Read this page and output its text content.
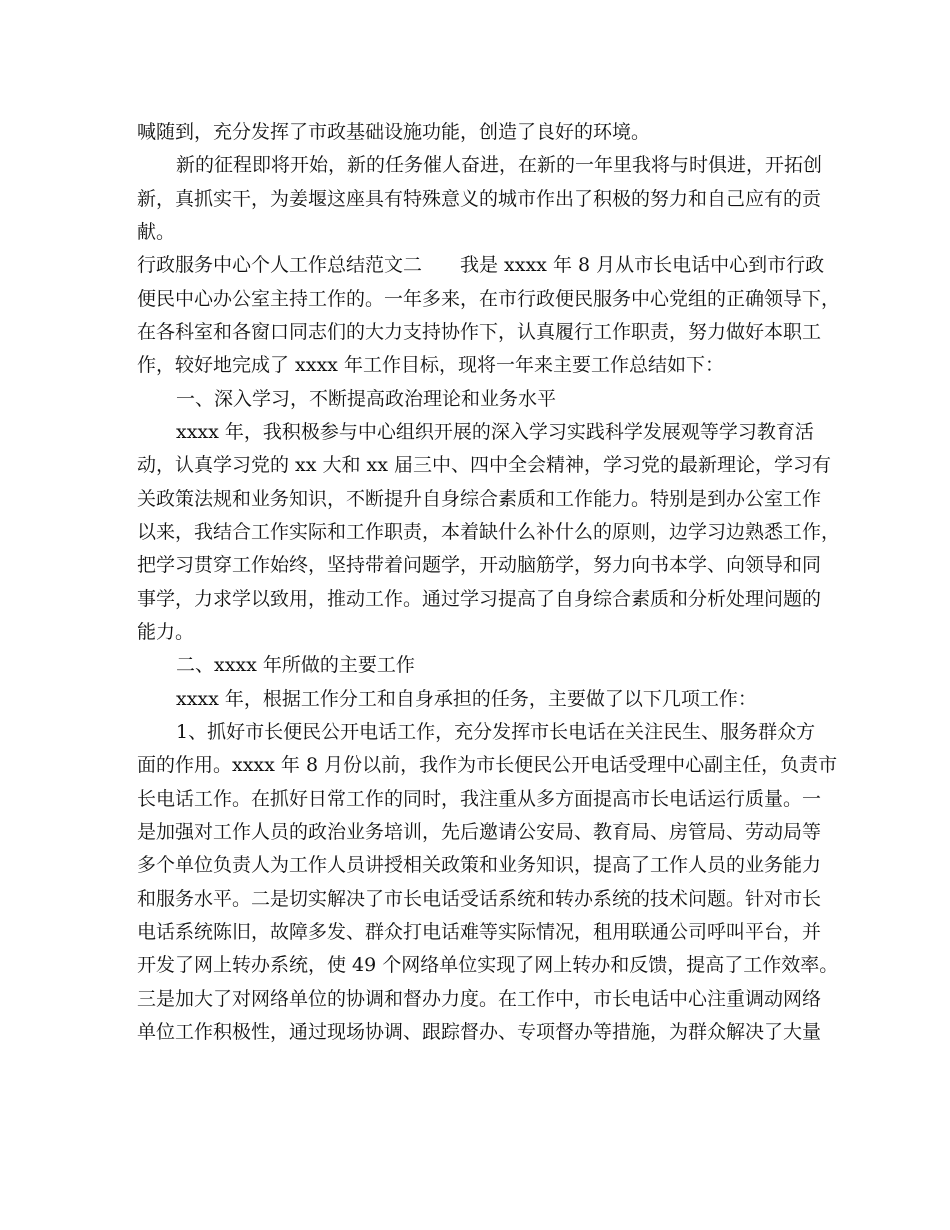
喊随到，充分发挥了市政基础设施功能，创造了良好的环境。
新的征程即将开始，新的任务催人奋进，在新的一年里我将与时俱进，开拓创
新，真抓实干，为姜堰这座具有特殊意义的城市作出了积极的努力和自己应有的贡
献。
行政服务中心个人工作总结范文二　　我是 xxxx 年 8 月从市长电话中心到市行政
便民中心办公室主持工作的。一年多来，在市行政便民服务中心党组的正确领导下，
在各科室和各窗口同志们的大力支持协作下，认真履行工作职责，努力做好本职工
作，较好地完成了 xxxx 年工作目标，现将一年来主要工作总结如下：
一、深入学习，不断提高政治理论和业务水平
xxxx 年，我积极参与中心组织开展的深入学习实践科学发展观等学习教育活
动，认真学习党的 xx 大和 xx 届三中、四中全会精神，学习党的最新理论，学习有
关政策法规和业务知识，不断提升自身综合素质和工作能力。特别是到办公室工作
以来，我结合工作实际和工作职责，本着缺什么补什么的原则，边学习边熟悉工作，
把学习贯穿工作始终，坚持带着问题学，开动脑筋学，努力向书本学、向领导和同
事学，力求学以致用，推动工作。通过学习提高了自身综合素质和分析处理问题的
能力。
二、xxxx 年所做的主要工作
xxxx 年，根据工作分工和自身承担的任务，主要做了以下几项工作：
1、抓好市长便民公开电话工作，充分发挥市长电话在关注民生、服务群众方
面的作用。xxxx 年 8 月份以前，我作为市长便民公开电话受理中心副主任，负责市
长电话工作。在抓好日常工作的同时，我注重从多方面提高市长电话运行质量。一
是加强对工作人员的政治业务培训，先后邀请公安局、教育局、房管局、劳动局等
多个单位负责人为工作人员讲授相关政策和业务知识，提高了工作人员的业务能力
和服务水平。二是切实解决了市长电话受话系统和转办系统的技术问题。针对市长
电话系统陈旧，故障多发、群众打电话难等实际情况，租用联通公司呼叫平台，并
开发了网上转办系统，使 49 个网络单位实现了网上转办和反馈，提高了工作效率。
三是加大了对网络单位的协调和督办力度。在工作中，市长电话中心注重调动网络
单位工作积极性，通过现场协调、跟踪督办、专项督办等措施，为群众解决了大量
